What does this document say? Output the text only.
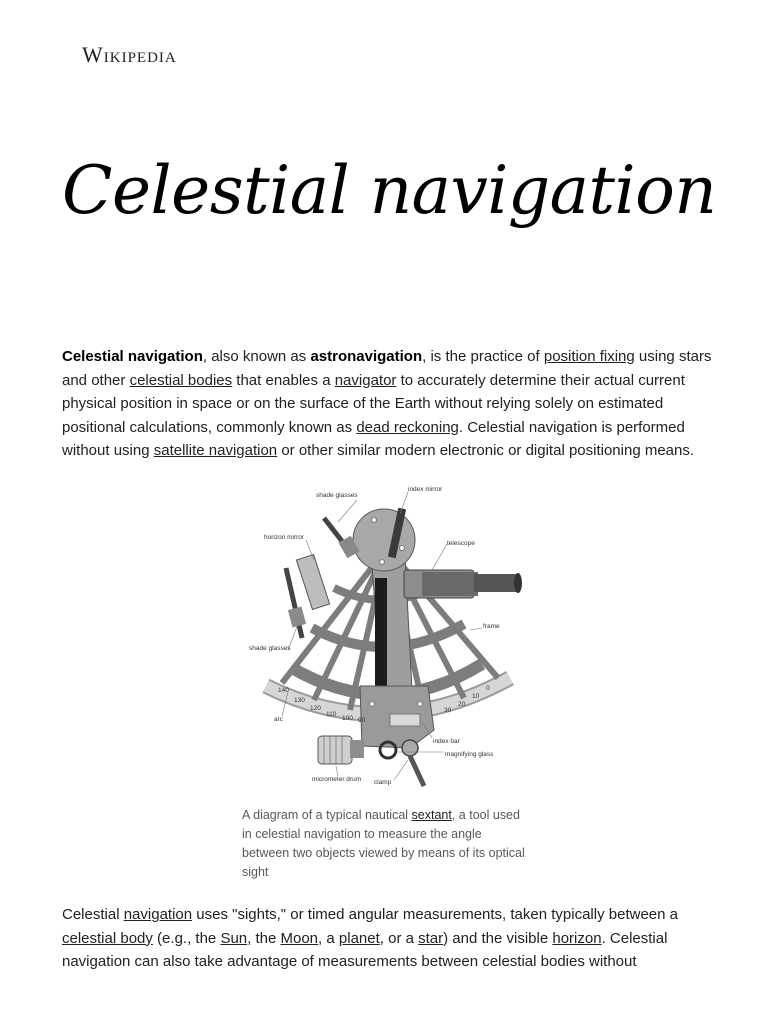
Wikipedia
Celestial navigation

Celestial navigation, also known as astronavigation, is the practice of position fixing using stars and other celestial bodies that enables a navigator to accurately determine their actual current physical position in space or on the surface of the Earth without relying solely on estimated positional calculations, commonly known as dead reckoning. Celestial navigation is performed without using satellite navigation or other similar modern electronic or digital positioning means.

140
130
120
110
100 90
30
20
10
0
shade glasses
index mirror
horizon mirror
telescope
frame
shade glasses
arc
index bar
magnifying glass
micrometer drum clamp

A diagram of a typical nautical sextant, a tool used in celestial navigation to measure the angle between two objects viewed by means of its optical sight

Celestial navigation uses "sights," or timed angular measurements, taken typically between a celestial body (e.g., the Sun, the Moon, a planet, or a star) and the visible horizon. Celestial navigation can also take advantage of measurements between celestial bodies without
